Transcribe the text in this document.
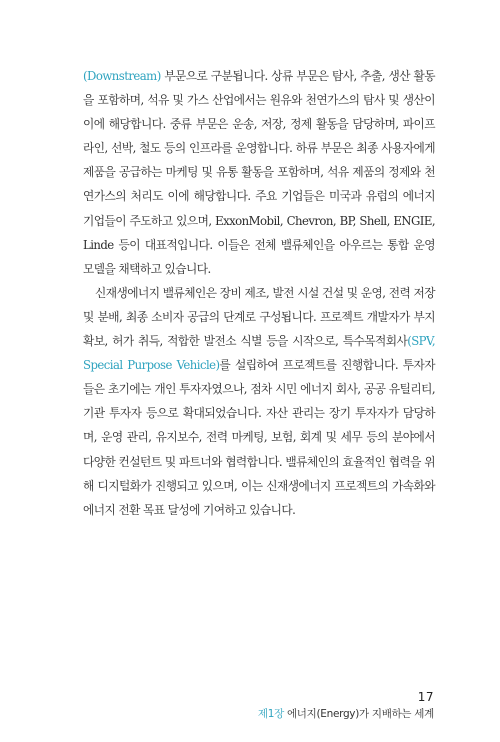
(Downstream) 부문으로 구분됩니다. 상류 부문은 탐사, 추출, 생산 활동을 포함하며, 석유 및 가스 산업에서는 원유와 천연가스의 탐사 및 생산이 이에 해당합니다. 중류 부문은 운송, 저장, 정제 활동을 담당하며, 파이프라인, 선박, 철도 등의 인프라를 운영합니다. 하류 부문은 최종 사용자에게 제품을 공급하는 마케팅 및 유통 활동을 포함하며, 석유 제품의 정제와 천연가스의 처리도 이에 해당합니다. 주요 기업들은 미국과 유럽의 에너지 기업들이 주도하고 있으며, ExxonMobil, Chevron, BP, Shell, ENGIE, Linde 등이 대표적입니다. 이들은 전체 밸류체인을 아우르는 통합 운영 모델을 채택하고 있습니다.

신재생에너지 밸류체인은 장비 제조, 발전 시설 건설 및 운영, 전력 저장 및 분배, 최종 소비자 공급의 단계로 구성됩니다. 프로젝트 개발자가 부지 확보, 허가 취득, 적합한 발전소 식별 등을 시작으로, 특수목적회사(SPV, Special Purpose Vehicle)를 설립하여 프로젝트를 진행합니다. 투자자들은 초기에는 개인 투자자였으나, 점차 시민 에너지 회사, 공공 유틸리티, 기관 투자자 등으로 확대되었습니다. 자산 관리는 장기 투자자가 담당하며, 운영 관리, 유지보수, 전력 마케팅, 보험, 회계 및 세무 등의 분야에서 다양한 컨설턴트 및 파트너와 협력합니다. 밸류체인의 효율적인 협력을 위해 디지털화가 진행되고 있으며, 이는 신재생에너지 프로젝트의 가속화와 에너지 전환 목표 달성에 기여하고 있습니다.

17
제1장 에너지(Energy)가 지배하는 세계
